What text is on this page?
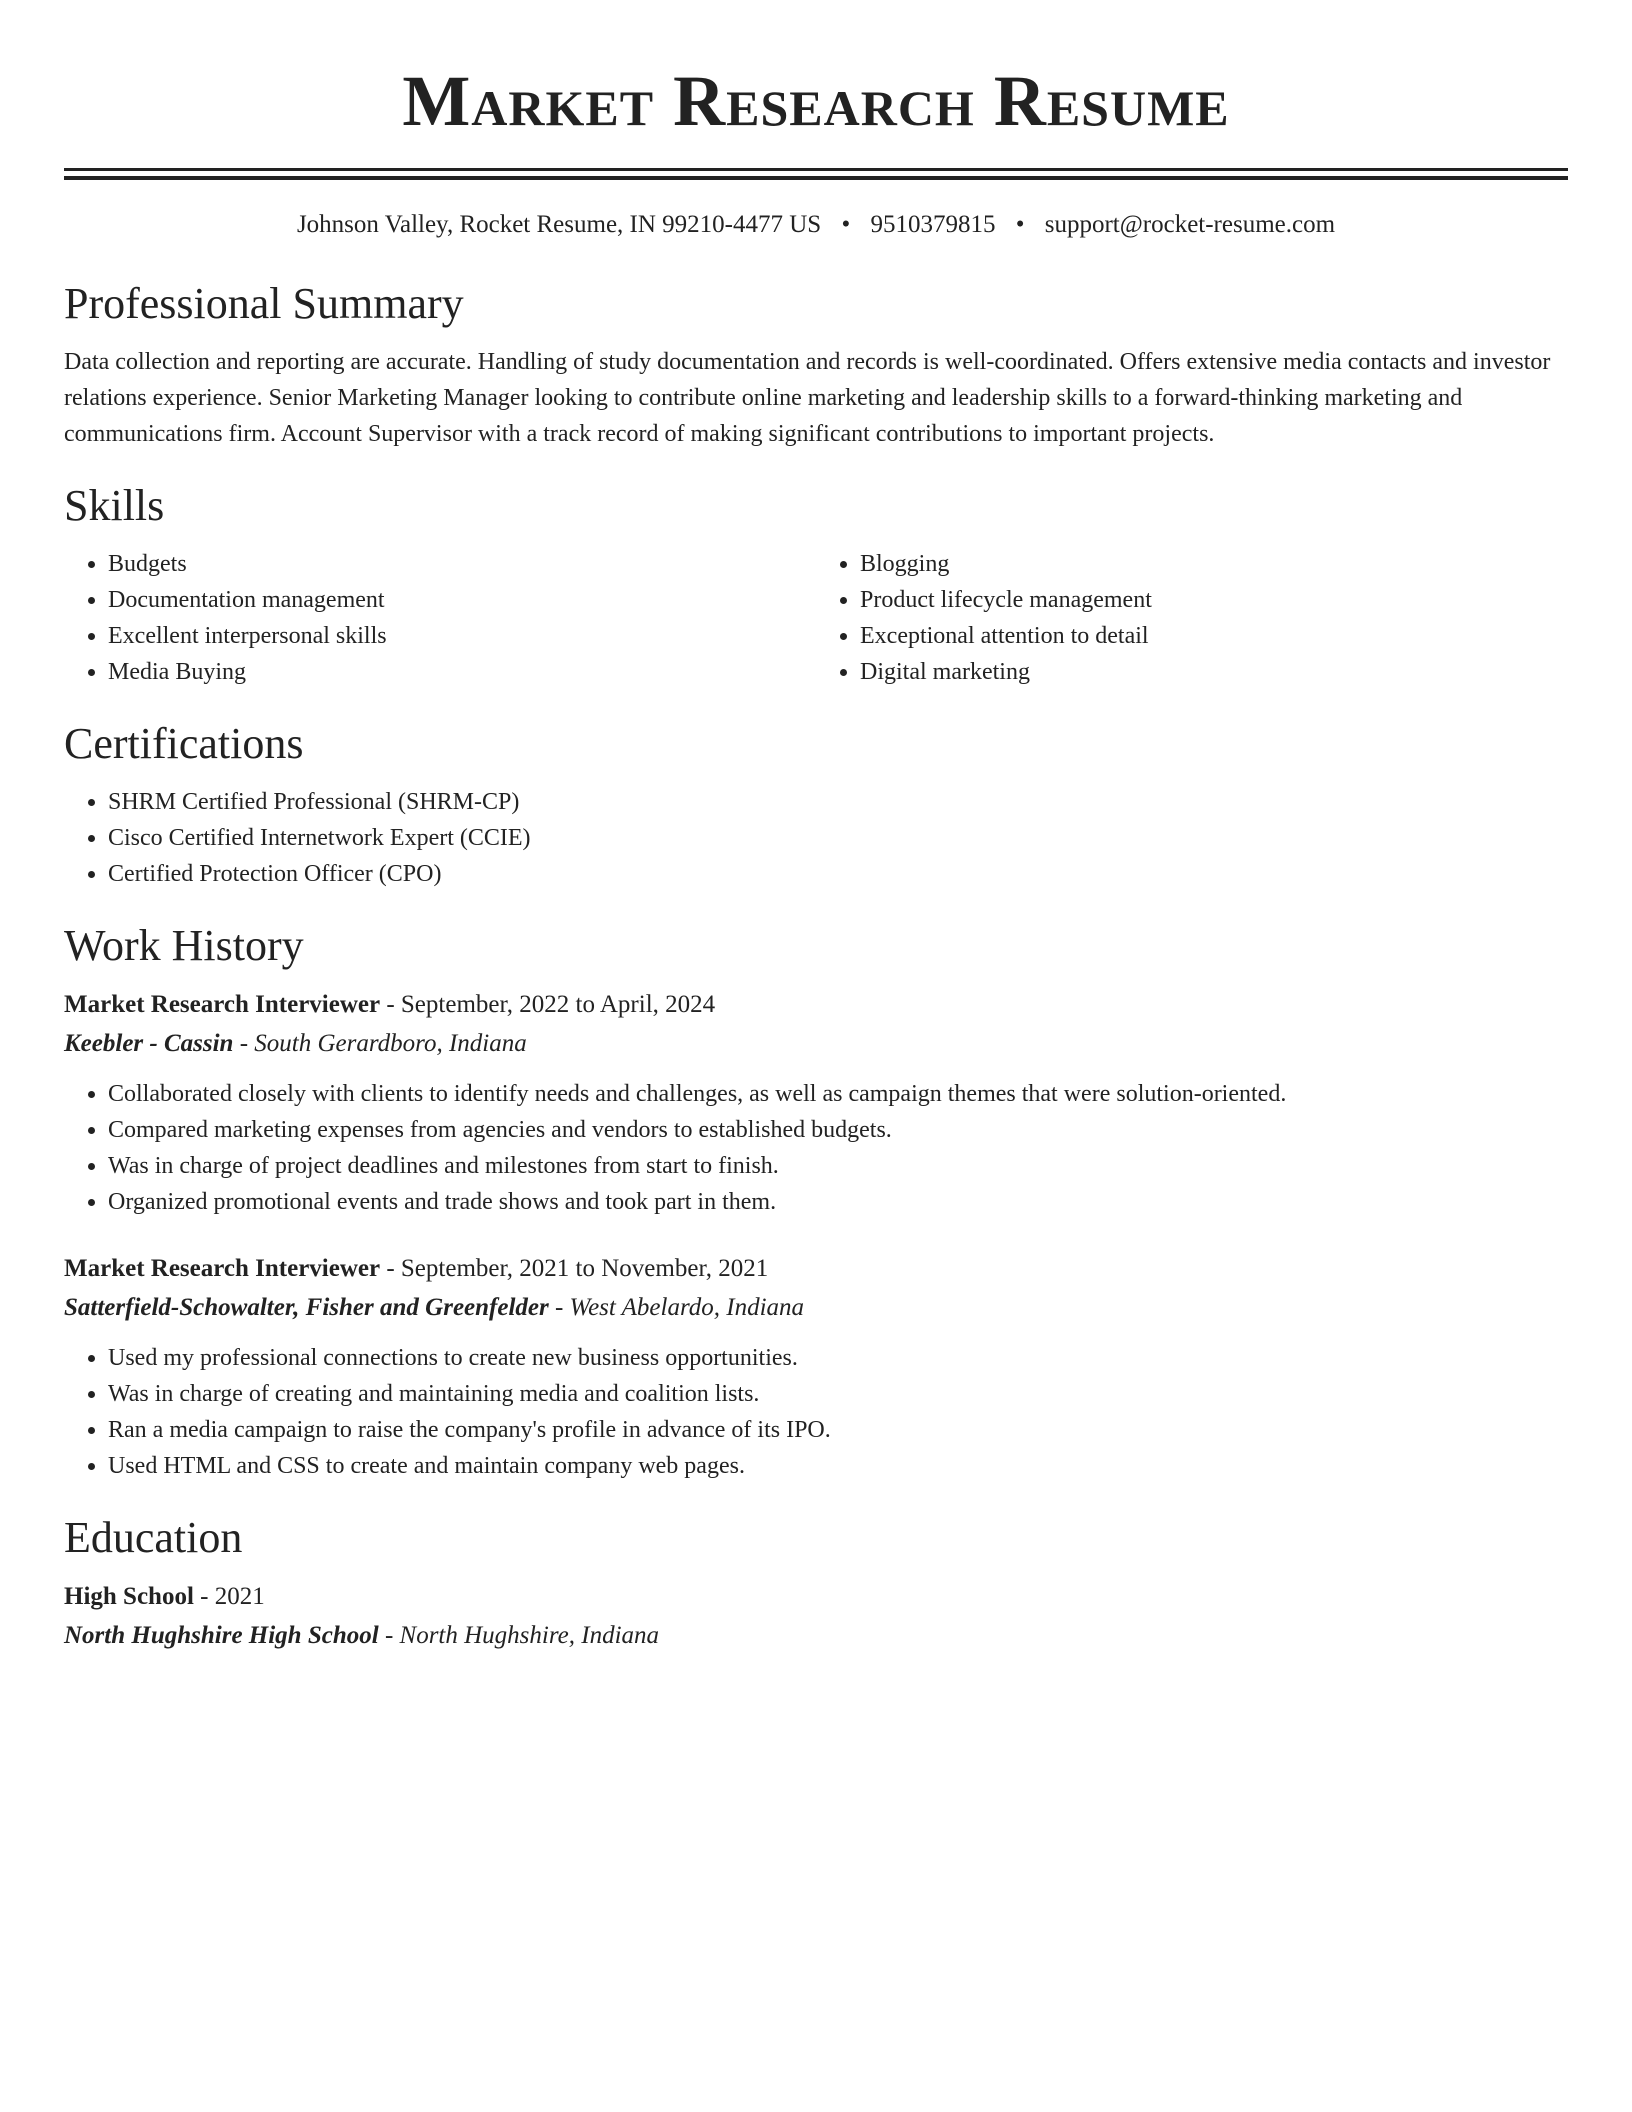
Market Research Resume
Johnson Valley, Rocket Resume, IN 99210-4477 US • 9510379815 • support@rocket-resume.com
Professional Summary
Data collection and reporting are accurate. Handling of study documentation and records is well-coordinated. Offers extensive media contacts and investor relations experience. Senior Marketing Manager looking to contribute online marketing and leadership skills to a forward-thinking marketing and communications firm. Account Supervisor with a track record of making significant contributions to important projects.
Skills
• Budgets
• Documentation management
• Excellent interpersonal skills
• Media Buying
• Blogging
• Product lifecycle management
• Exceptional attention to detail
• Digital marketing
Certifications
• SHRM Certified Professional (SHRM-CP)
• Cisco Certified Internetwork Expert (CCIE)
• Certified Protection Officer (CPO)
Work History
Market Research Interviewer - September, 2022 to April, 2024
Keebler - Cassin - South Gerardboro, Indiana
• Collaborated closely with clients to identify needs and challenges, as well as campaign themes that were solution-oriented.
• Compared marketing expenses from agencies and vendors to established budgets.
• Was in charge of project deadlines and milestones from start to finish.
• Organized promotional events and trade shows and took part in them.
Market Research Interviewer - September, 2021 to November, 2021
Satterfield-Schowalter, Fisher and Greenfelder - West Abelardo, Indiana
• Used my professional connections to create new business opportunities.
• Was in charge of creating and maintaining media and coalition lists.
• Ran a media campaign to raise the company's profile in advance of its IPO.
• Used HTML and CSS to create and maintain company web pages.
Education
High School - 2021
North Hughshire High School - North Hughshire, Indiana
